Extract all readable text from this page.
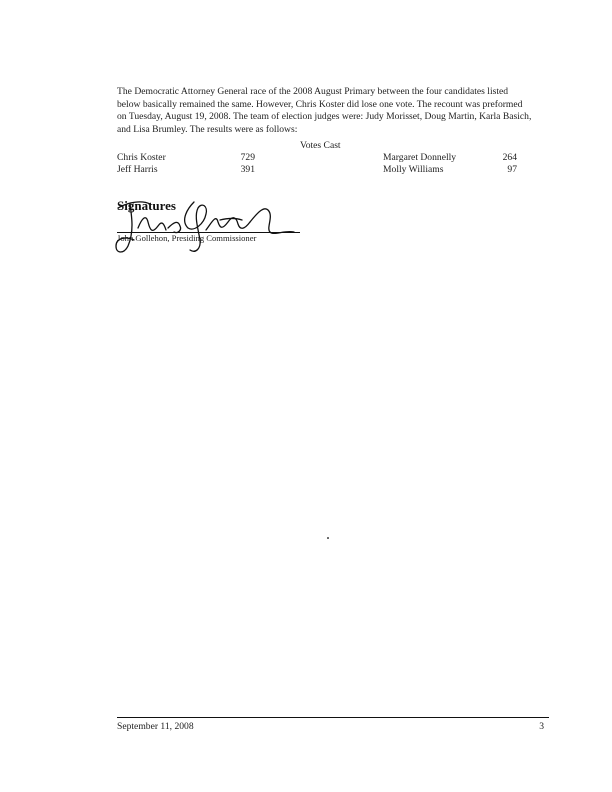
The Democratic Attorney General race of the 2008 August Primary between the four candidates listed
below basically remained the same. However, Chris Koster did lose one vote. The recount was preformed
on Tuesday, August 19, 2008. The team of election judges were: Judy Morisset, Doug Martin, Karla Basich,
and Lisa Brumley. The results were as follows:
Votes Cast
Chris Koster	729	Margaret Donnelly	264
Jeff Harris	391	Molly Williams	97
Signatures
John Gollehon, Presiding Commissioner
September 11, 2008	3
